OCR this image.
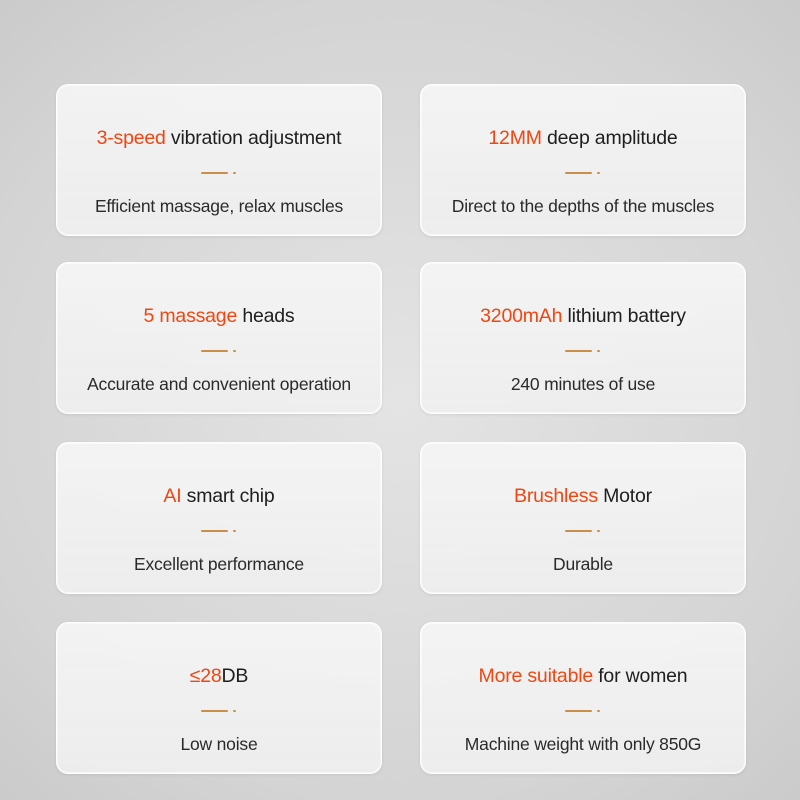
3-speed vibration adjustment
Efficient massage, relax muscles
12MM deep amplitude
Direct to the depths of the muscles
5 massage heads
Accurate and convenient operation
3200mAh lithium battery
240 minutes of use
AI smart chip
Excellent performance
Brushless Motor
Durable
≤28DB
Low noise
More suitable for women
Machine weight with only 850G
